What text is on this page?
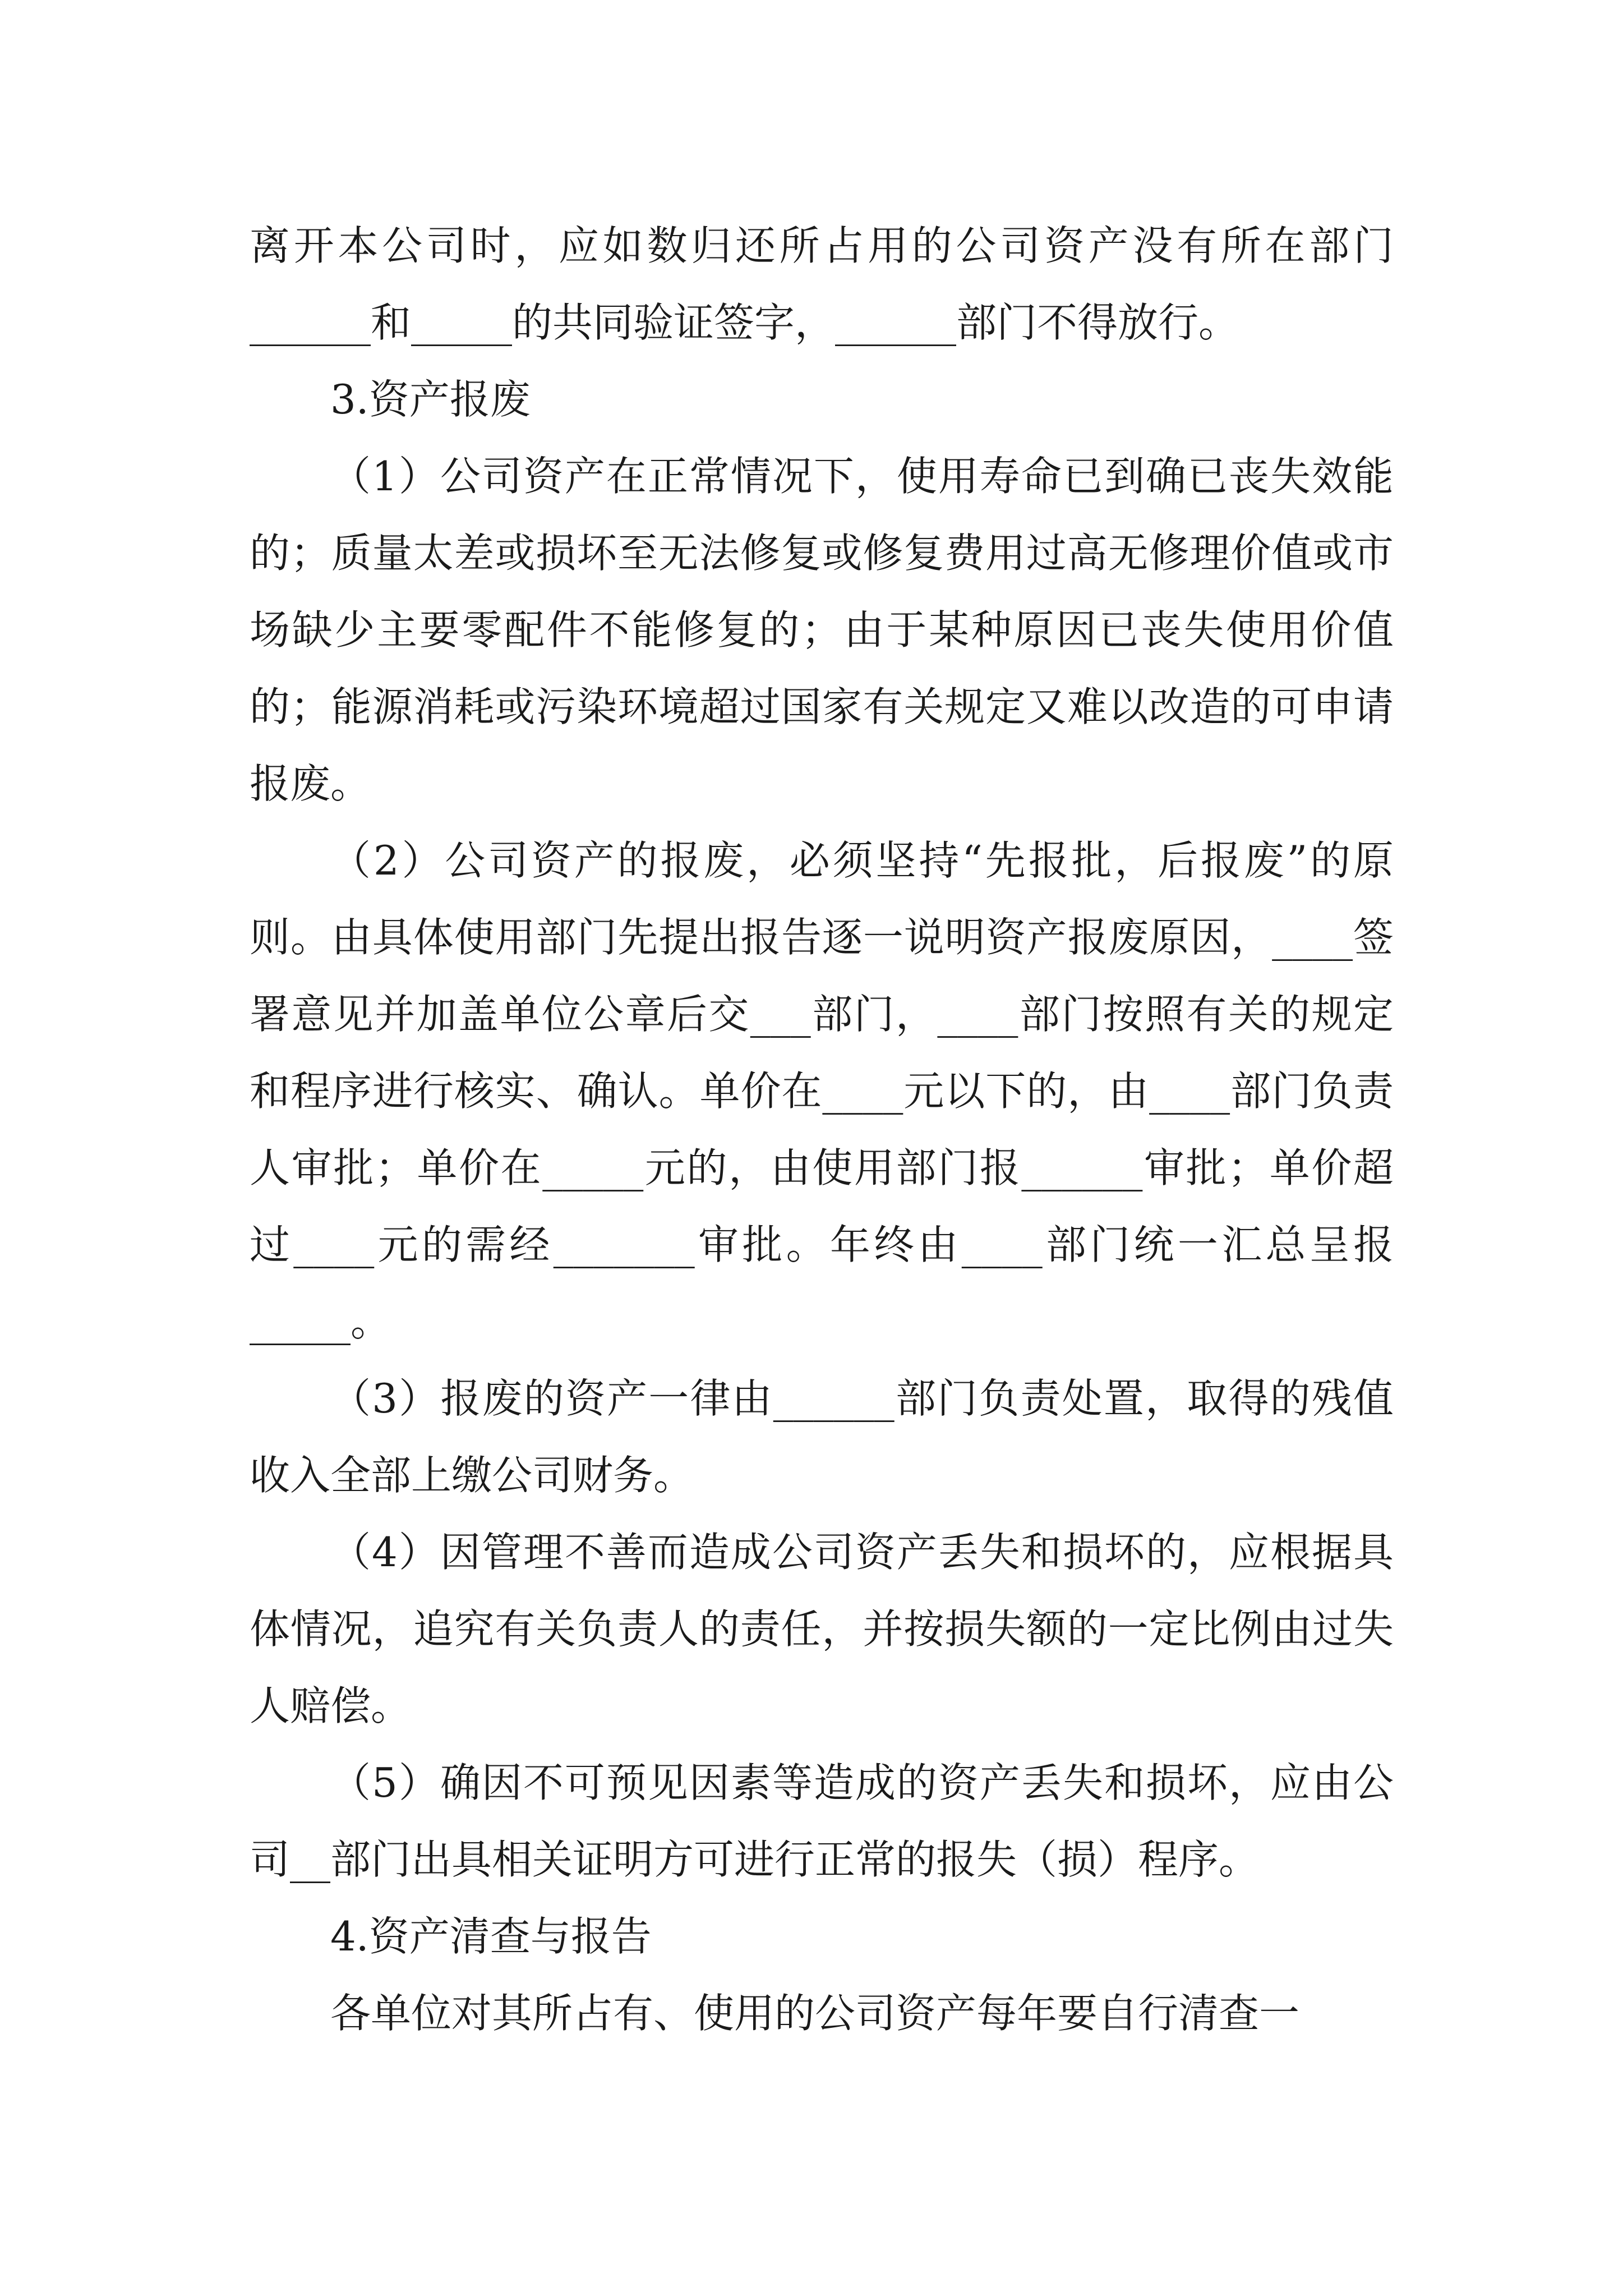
离开本公司时，应如数归还所占用的公司资产没有所在部门______和_____的共同验证签字，______部门不得放行。

3.资产报废

（1）公司资产在正常情况下，使用寿命已到确已丧失效能的；质量太差或损坏至无法修复或修复费用过高无修理价值或市场缺少主要零配件不能修复的；由于某种原因已丧失使用价值的；能源消耗或污染环境超过国家有关规定又难以改造的可申请报废。

（2）公司资产的报废，必须坚持“先报批，后报废”的原则。由具体使用部门先提出报告逐一说明资产报废原因，____签署意见并加盖单位公章后交___部门，____部门按照有关的规定和程序进行核实、确认。单价在____元以下的，由____部门负责人审批；单价在_____元的，由使用部门报______审批；单价超过____元的需经_______审批。年终由____部门统一汇总呈报_____。

（3）报废的资产一律由______部门负责处置，取得的残值收入全部上缴公司财务。

（4）因管理不善而造成公司资产丢失和损坏的，应根据具体情况，追究有关负责人的责任，并按损失额的一定比例由过失人赔偿。

（5）确因不可预见因素等造成的资产丢失和损坏，应由公司__部门出具相关证明方可进行正常的报失（损）程序。

4.资产清查与报告

各单位对其所占有、使用的公司资产每年要自行清查一
